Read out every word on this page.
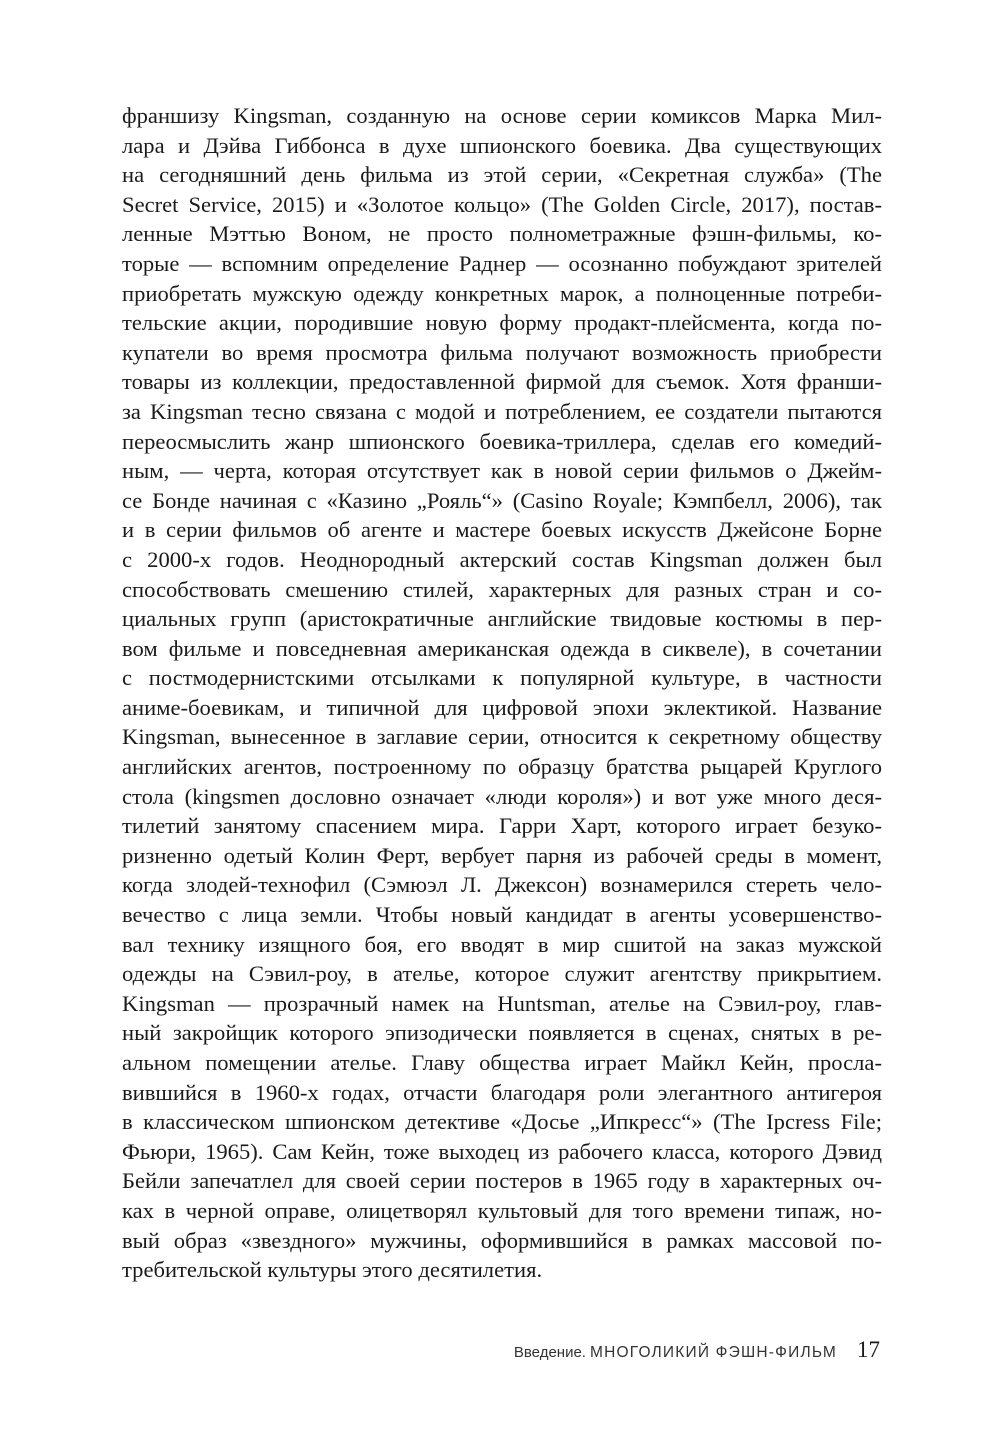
франшизу Kingsman, созданную на основе серии комиксов Марка Мил-
лара и Дэйва Гиббонса в духе шпионского боевика. Два существующих
на сегодняшний день фильма из этой серии, «Секретная служба» (The
Secret Service, 2015) и «Золотое кольцо» (The Golden Circle, 2017), постав-
ленные Мэттью Воном, не просто полнометражные фэшн-фильмы, ко-
торые — вспомним определение Раднер — осознанно побуждают зрителей
приобретать мужскую одежду конкретных марок, а полноценные потреби-
тельские акции, породившие новую форму продакт-плейсмента, когда по-
купатели во время просмотра фильма получают возможность приобрести
товары из коллекции, предоставленной фирмой для съемок. Хотя франши-
за Kingsman тесно связана с модой и потреблением, ее создатели пытаются
переосмыслить жанр шпионского боевика-триллера, сделав его комедий-
ным, — черта, которая отсутствует как в новой серии фильмов о Джейм-
се Бонде начиная с «Казино „Рояль“» (Casino Royale; Кэмпбелл, 2006), так
и в серии фильмов об агенте и мастере боевых искусств Джейсоне Борне
с 2000-х годов. Неоднородный актерский состав Kingsman должен был
способствовать смешению стилей, характерных для разных стран и со-
циальных групп (аристократичные английские твидовые костюмы в пер-
вом фильме и повседневная американская одежда в сиквеле), в сочетании
с постмодернистскими отсылками к популярной культуре, в частности
аниме-боевикам, и типичной для цифровой эпохи эклектикой. Название
Kingsman, вынесенное в заглавие серии, относится к секретному обществу
английских агентов, построенному по образцу братства рыцарей Круглого
стола (kingsmen дословно означает «люди короля») и вот уже много деся-
тилетий занятому спасением мира. Гарри Харт, которого играет безуко-
ризненно одетый Колин Ферт, вербует парня из рабочей среды в момент,
когда злодей-технофил (Сэмюэл Л. Джексон) вознамерился стереть чело-
вечество с лица земли. Чтобы новый кандидат в агенты усовершенство-
вал технику изящного боя, его вводят в мир сшитой на заказ мужской
одежды на Сэвил-роу, в ателье, которое служит агентству прикрытием.
Kingsman — прозрачный намек на Huntsman, ателье на Сэвил-роу, глав-
ный закройщик которого эпизодически появляется в сценах, снятых в ре-
альном помещении ателье. Главу общества играет Майкл Кейн, просла-
вившийся в 1960-х годах, отчасти благодаря роли элегантного антигероя
в классическом шпионском детективе «Досье „Ипкресс“» (The Ipcress File;
Фьюри, 1965). Сам Кейн, тоже выходец из рабочего класса, которого Дэвид
Бейли запечатлел для своей серии постеров в 1965 году в характерных оч-
ках в черной оправе, олицетворял культовый для того времени типаж, но-
вый образ «звездного» мужчины, оформившийся в рамках массовой по-
требительской культуры этого десятилетия.
Введение. МНОГОЛИКИЙ ФЭШН-ФИЛЬМ 17
